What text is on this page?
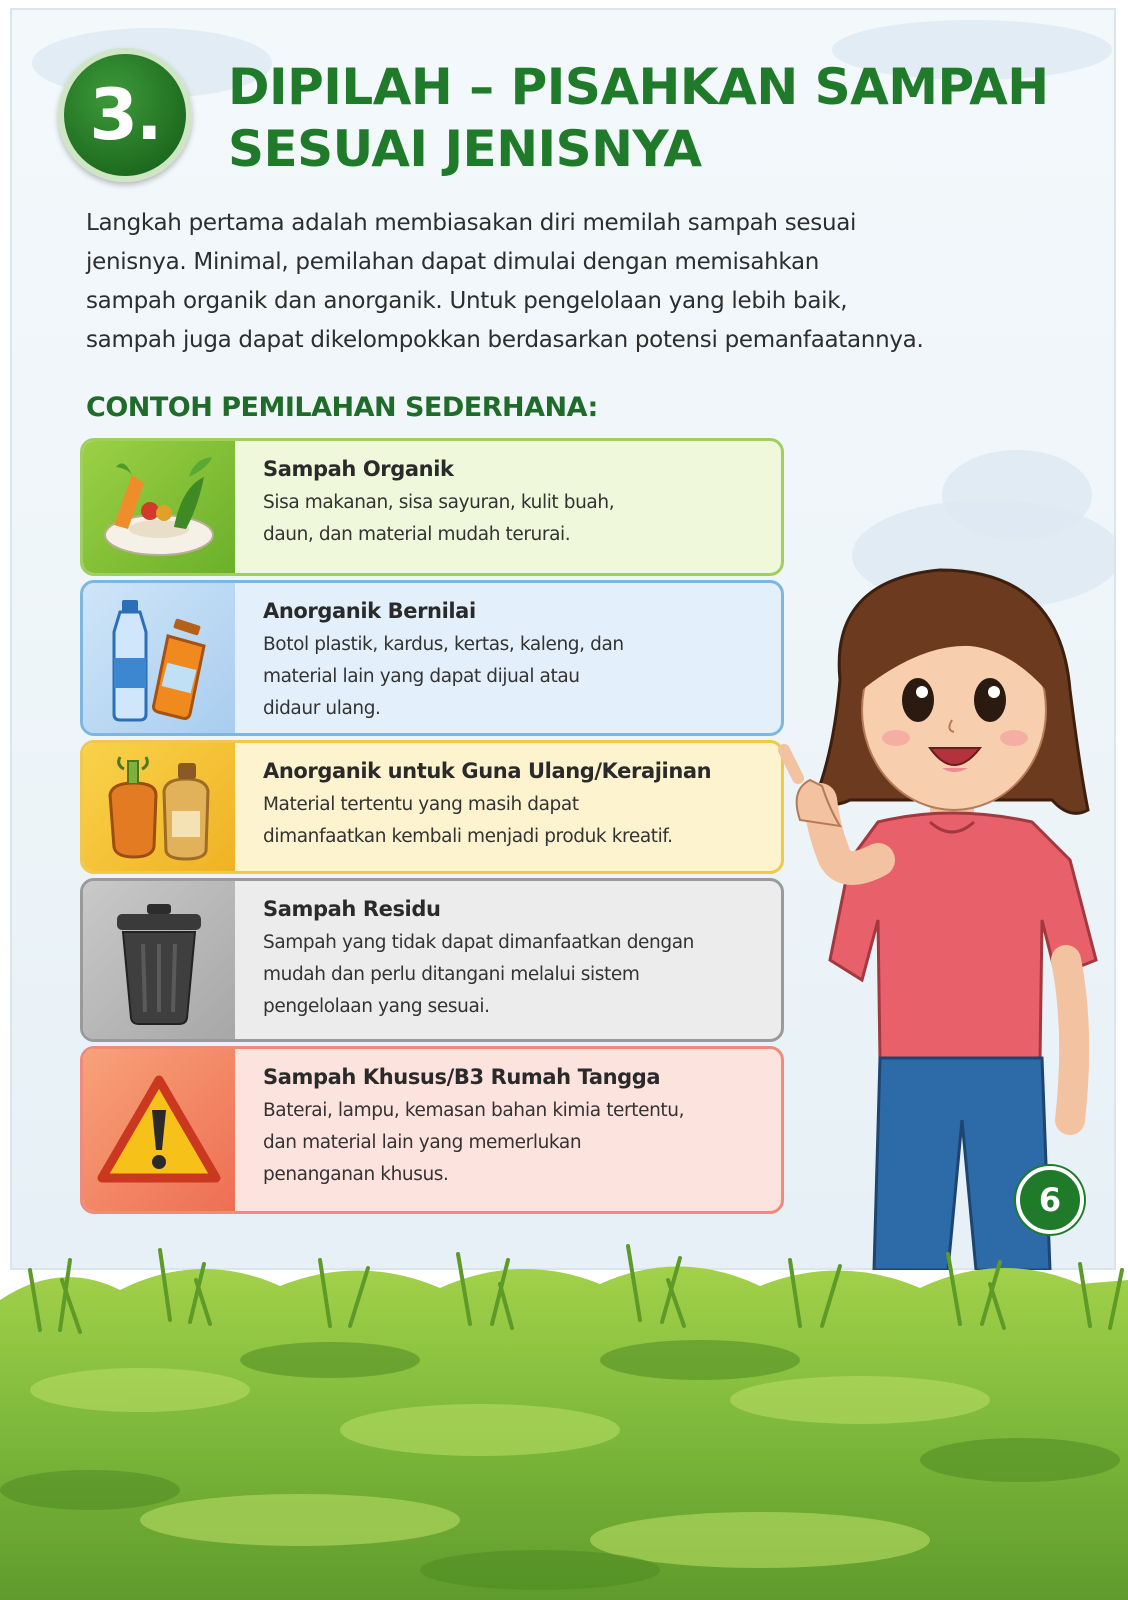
3.	DIPILAH – PISAHKAN SAMPAH
SESUAI JENISNYA
Langkah pertama adalah membiasakan diri memilah sampah sesuai
jenisnya. Minimal, pemilahan dapat dimulai dengan memisahkan
sampah organik dan anorganik. Untuk pengelolaan yang lebih baik,
sampah juga dapat dikelompokkan berdasarkan potensi pemanfaatannya.
CONTOH PEMILAHAN SEDERHANA:
Sampah Organik
Sisa makanan, sisa sayuran, kulit buah,
daun, dan material mudah terurai.
Anorganik Bernilai
Botol plastik, kardus, kertas, kaleng, dan
material lain yang dapat dijual atau
didaur ulang.
Anorganik untuk Guna Ulang/Kerajinan
Material tertentu yang masih dapat
dimanfaatkan kembali menjadi produk kreatif.
Sampah Residu
Sampah yang tidak dapat dimanfaatkan dengan
mudah dan perlu ditangani melalui sistem
pengelolaan yang sesuai.
Sampah Khusus/B3 Rumah Tangga
Baterai, lampu, kemasan bahan kimia tertentu,
dan material lain yang memerlukan
penanganan khusus.
6
